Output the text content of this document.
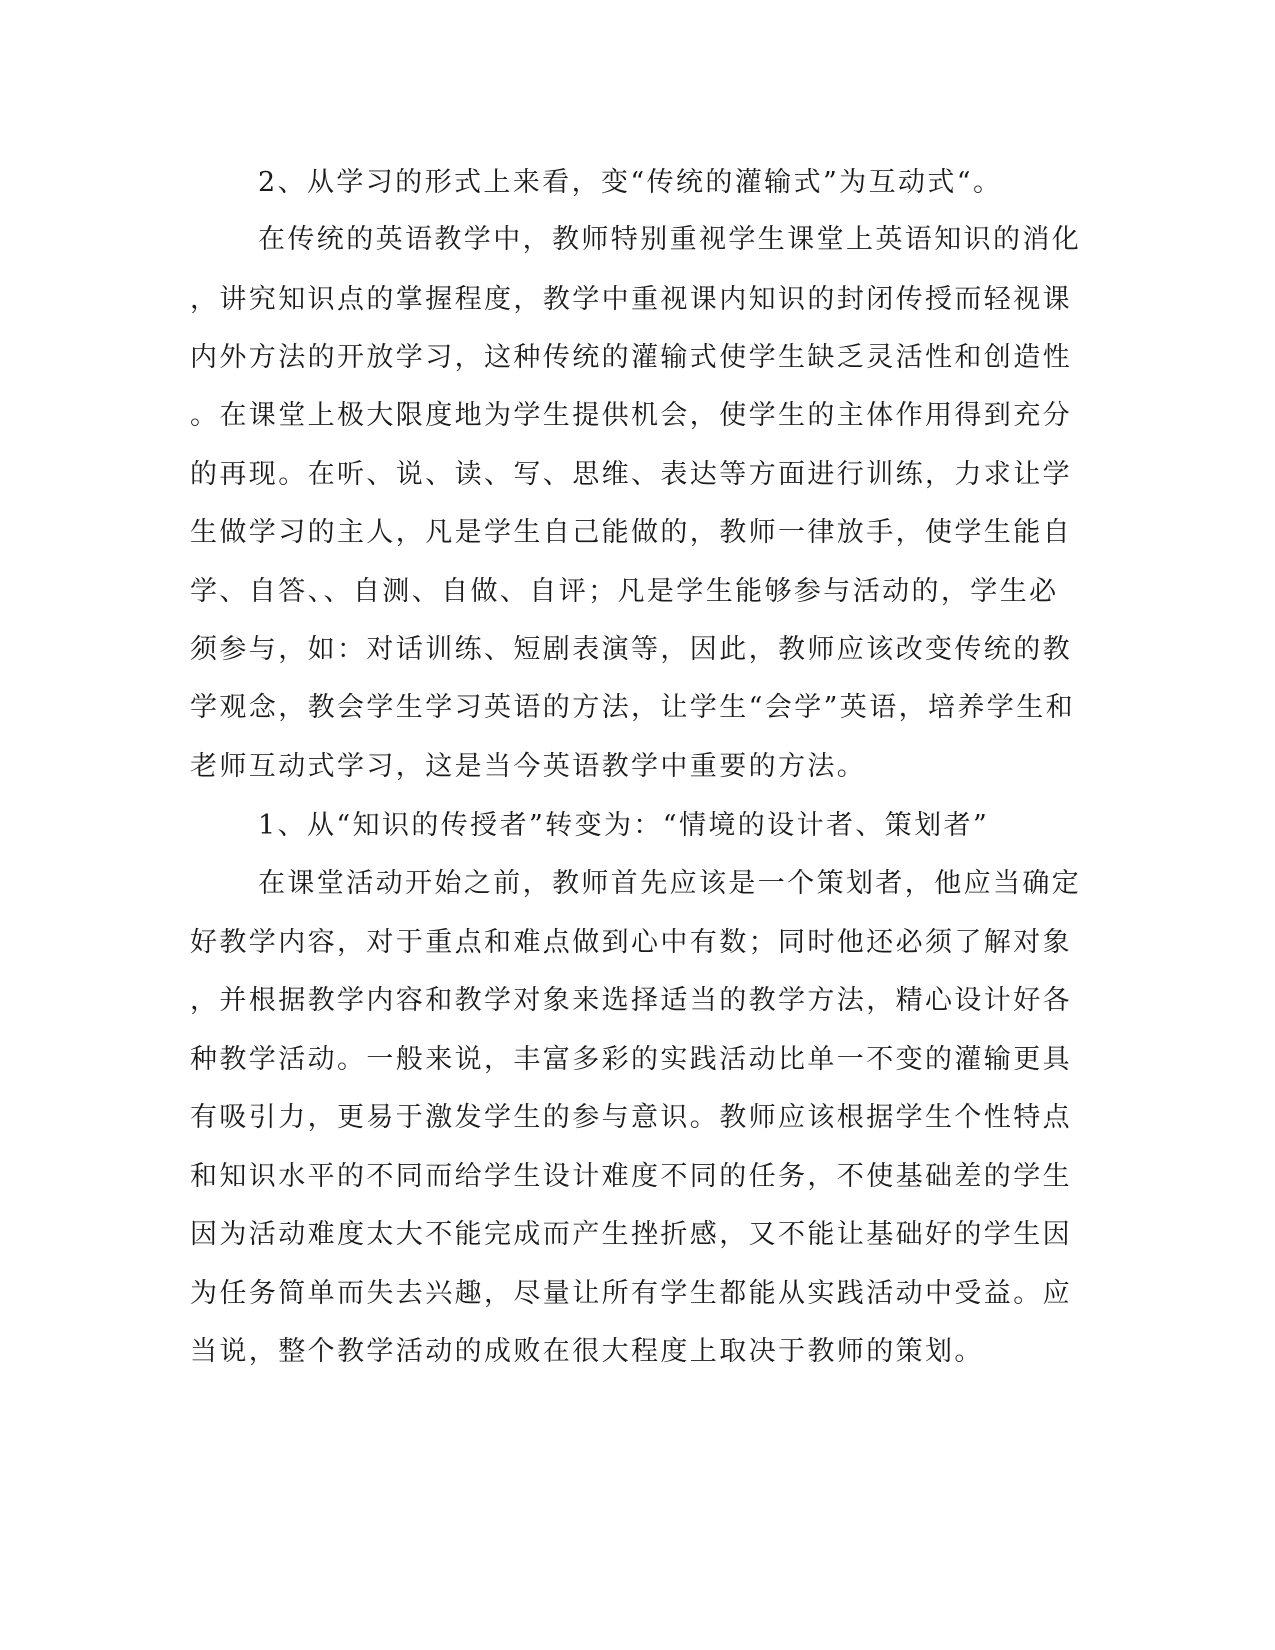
2、从学习的形式上来看，变“传统的灌输式”为互动式“。
在传统的英语教学中，教师特别重视学生课堂上英语知识的消化
，讲究知识点的掌握程度，教学中重视课内知识的封闭传授而轻视课
内外方法的开放学习，这种传统的灌输式使学生缺乏灵活性和创造性
。在课堂上极大限度地为学生提供机会，使学生的主体作用得到充分
的再现。在听、说、读、写、思维、表达等方面进行训练，力求让学
生做学习的主人，凡是学生自己能做的，教师一律放手，使学生能自
学、自答、、自测、自做、自评；凡是学生能够参与活动的，学生必
须参与，如：对话训练、短剧表演等，因此，教师应该改变传统的教
学观念，教会学生学习英语的方法，让学生“会学”英语，培养学生和
老师互动式学习，这是当今英语教学中重要的方法。
1、从“知识的传授者”转变为：“情境的设计者、策划者”
在课堂活动开始之前，教师首先应该是一个策划者，他应当确定
好教学内容，对于重点和难点做到心中有数；同时他还必须了解对象
，并根据教学内容和教学对象来选择适当的教学方法，精心设计好各
种教学活动。一般来说，丰富多彩的实践活动比单一不变的灌输更具
有吸引力，更易于激发学生的参与意识。教师应该根据学生个性特点
和知识水平的不同而给学生设计难度不同的任务，不使基础差的学生
因为活动难度太大不能完成而产生挫折感，又不能让基础好的学生因
为任务简单而失去兴趣，尽量让所有学生都能从实践活动中受益。应
当说，整个教学活动的成败在很大程度上取决于教师的策划。
